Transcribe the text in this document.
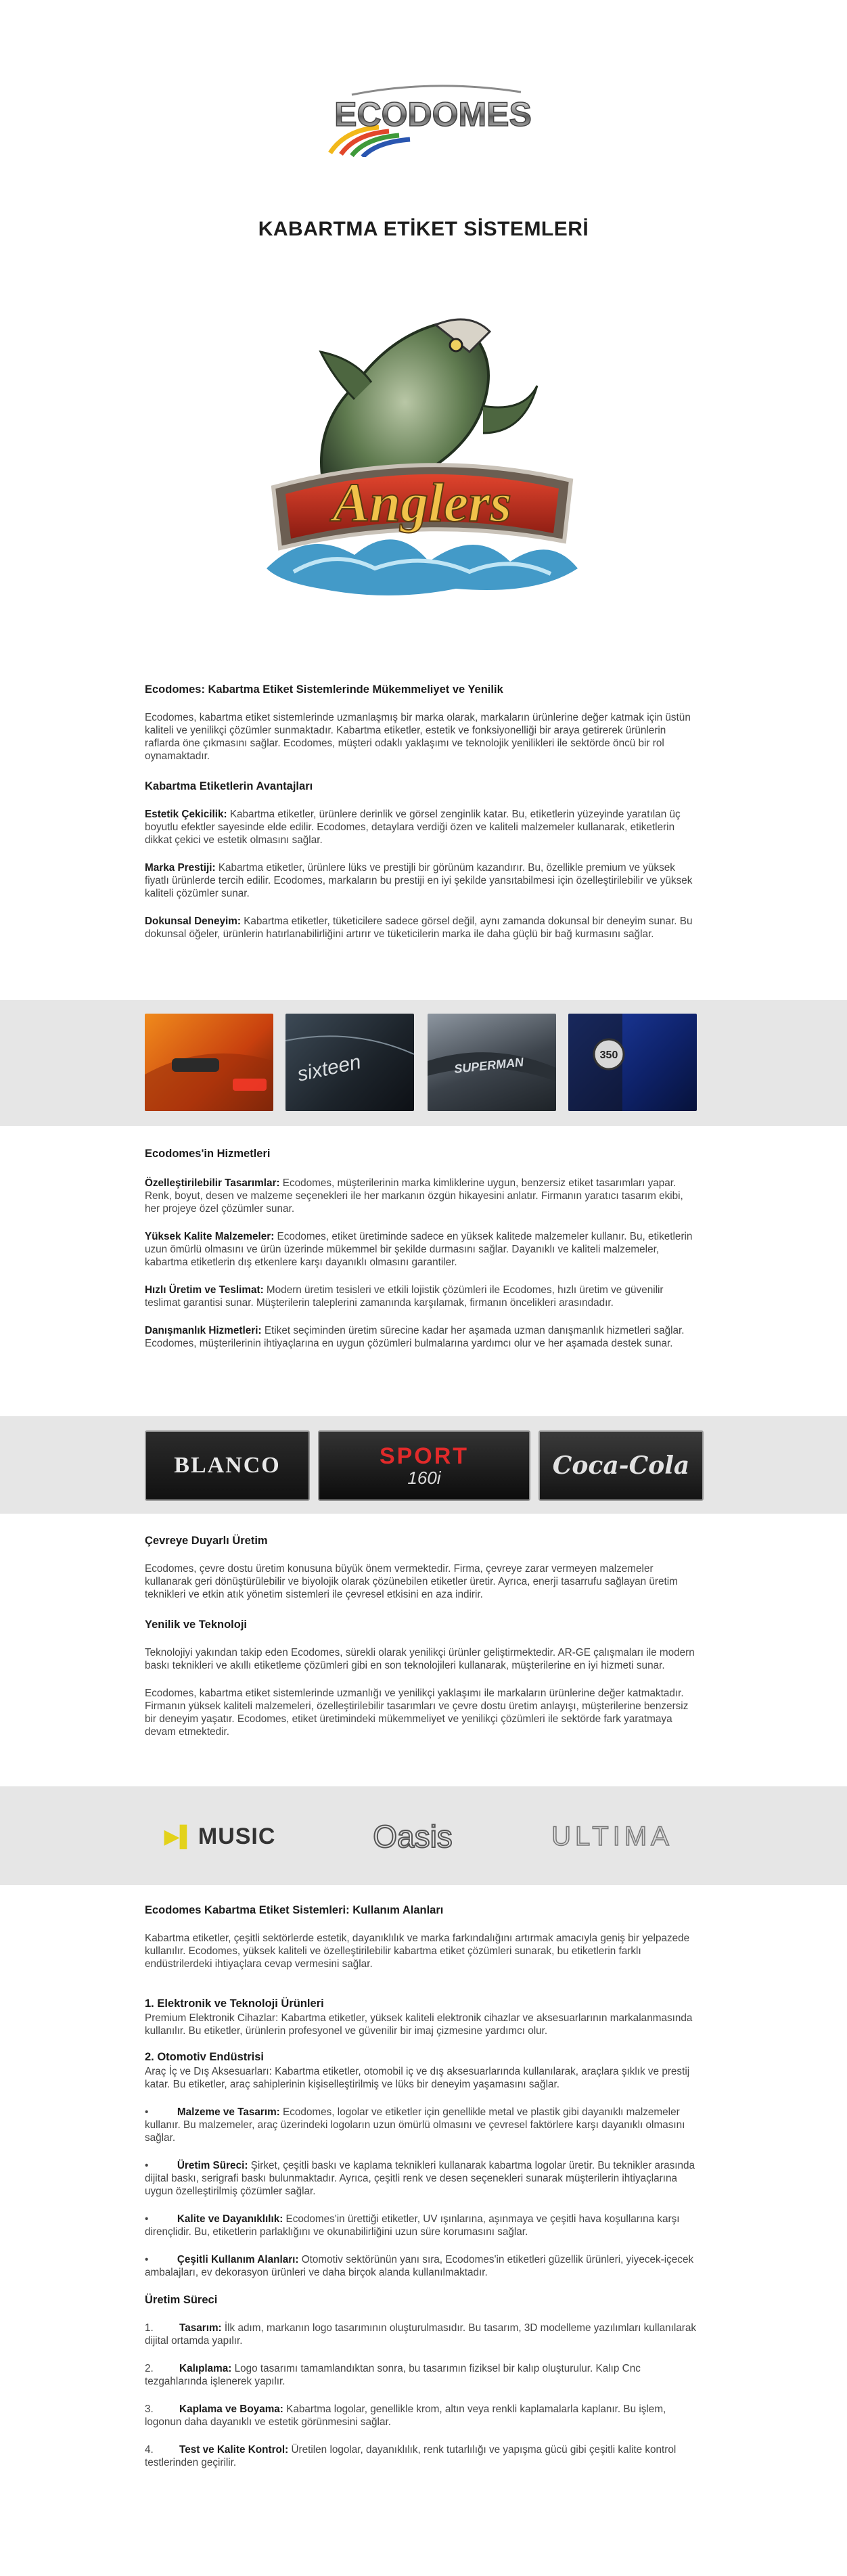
ECODOMES
KABARTMA ETİKET SİSTEMLERİ
Anglers

Ecodomes: Kabartma Etiket Sistemlerinde Mükemmeliyet ve Yenilik

Ecodomes, kabartma etiket sistemlerinde uzmanlaşmış bir marka olarak, markaların ürünlerine değer katmak için üstün kaliteli ve yenilikçi çözümler sunmaktadır. Kabartma etiketler, estetik ve fonksiyonelliği bir araya getirerek ürünlerin raflarda öne çıkmasını sağlar. Ecodomes, müşteri odaklı yaklaşımı ve teknolojik yenilikleri ile sektörde öncü bir rol oynamaktadır.

Kabartma Etiketlerin Avantajları

Estetik Çekicilik: Kabartma etiketler, ürünlere derinlik ve görsel zenginlik katar. Bu, etiketlerin yüzeyinde yaratılan üç boyutlu efektler sayesinde elde edilir. Ecodomes, detaylara verdiği özen ve kaliteli malzemeler kullanarak, etiketlerin dikkat çekici ve estetik olmasını sağlar.

Marka Prestiji: Kabartma etiketler, ürünlere lüks ve prestijli bir görünüm kazandırır. Bu, özellikle premium ve yüksek fiyatlı ürünlerde tercih edilir. Ecodomes, markaların bu prestiji en iyi şekilde yansıtabilmesi için özelleştirilebilir ve yüksek kaliteli çözümler sunar.

Dokunsal Deneyim: Kabartma etiketler, tüketicilere sadece görsel değil, aynı zamanda dokunsal bir deneyim sunar. Bu dokunsal öğeler, ürünlerin hatırlanabilirliğini artırır ve tüketicilerin marka ile daha güçlü bir bağ kurmasını sağlar.

sixteen	SUPERMAN	350

Ecodomes'in Hizmetleri

Özelleştirilebilir Tasarımlar: Ecodomes, müşterilerinin marka kimliklerine uygun, benzersiz etiket tasarımları yapar. Renk, boyut, desen ve malzeme seçenekleri ile her markanın özgün hikayesini anlatır. Firmanın yaratıcı tasarım ekibi, her projeye özel çözümler sunar.

Yüksek Kalite Malzemeler: Ecodomes, etiket üretiminde sadece en yüksek kalitede malzemeler kullanır. Bu, etiketlerin uzun ömürlü olmasını ve ürün üzerinde mükemmel bir şekilde durmasını sağlar. Dayanıklı ve kaliteli malzemeler, kabartma etiketlerin dış etkenlere karşı dayanıklı olmasını garantiler.

Hızlı Üretim ve Teslimat: Modern üretim tesisleri ve etkili lojistik çözümleri ile Ecodomes, hızlı üretim ve güvenilir teslimat garantisi sunar. Müşterilerin taleplerini zamanında karşılamak, firmanın öncelikleri arasındadır.

Danışmanlık Hizmetleri: Etiket seçiminden üretim sürecine kadar her aşamada uzman danışmanlık hizmetleri sağlar. Ecodomes, müşterilerinin ihtiyaçlarına en uygun çözümleri bulmalarına yardımcı olur ve her aşamada destek sunar.

BLANCO	SPORT
160i	Coca-Cola

Çevreye Duyarlı Üretim

Ecodomes, çevre dostu üretim konusuna büyük önem vermektedir. Firma, çevreye zarar vermeyen malzemeler kullanarak geri dönüştürülebilir ve biyolojik olarak çözünebilen etiketler üretir. Ayrıca, enerji tasarrufu sağlayan üretim teknikleri ve etkin atık yönetim sistemleri ile çevresel etkisini en aza indirir.

Yenilik ve Teknoloji

Teknolojiyi yakından takip eden Ecodomes, sürekli olarak yenilikçi ürünler geliştirmektedir. AR-GE çalışmaları ile modern baskı teknikleri ve akıllı etiketleme çözümleri gibi en son teknolojileri kullanarak, müşterilerine en iyi hizmeti sunar.

Ecodomes, kabartma etiket sistemlerinde uzmanlığı ve yenilikçi yaklaşımı ile markaların ürünlerine değer katmaktadır. Firmanın yüksek kaliteli malzemeleri, özelleştirilebilir tasarımları ve çevre dostu üretim anlayışı, müşterilerine benzersiz bir deneyim yaşatır. Ecodomes, etiket üretimindeki mükemmeliyet ve yenilikçi çözümleri ile sektörde fark yaratmaya devam etmektedir.

▶▌ MUSIC	Oasis	ULTIMA

Ecodomes Kabartma Etiket Sistemleri: Kullanım Alanları

Kabartma etiketler, çeşitli sektörlerde estetik, dayanıklılık ve marka farkındalığını artırmak amacıyla geniş bir yelpazede kullanılır. Ecodomes, yüksek kaliteli ve özelleştirilebilir kabartma etiket çözümleri sunarak, bu etiketlerin farklı endüstrilerdeki ihtiyaçlara cevap vermesini sağlar.

1. Elektronik ve Teknoloji Ürünleri

Premium Elektronik Cihazlar: Kabartma etiketler, yüksek kaliteli elektronik cihazlar ve aksesuarlarının markalanmasında kullanılır. Bu etiketler, ürünlerin profesyonel ve güvenilir bir imaj çizmesine yardımcı olur.

2. Otomotiv Endüstrisi

Araç İç ve Dış Aksesuarları: Kabartma etiketler, otomobil iç ve dış aksesuarlarında kullanılarak, araçlara şıklık ve prestij katar. Bu etiketler, araç sahiplerinin kişiselleştirilmiş ve lüks bir deneyim yaşamasını sağlar.

•          Malzeme ve Tasarım: Ecodomes, logolar ve etiketler için genellikle metal ve plastik gibi dayanıklı malzemeler kullanır. Bu malzemeler, araç üzerindeki logoların uzun ömürlü olmasını ve çevresel faktörlere karşı dayanıklı olmasını sağlar.

•          Üretim Süreci: Şirket, çeşitli baskı ve kaplama teknikleri kullanarak kabartma logolar üretir. Bu teknikler arasında dijital baskı, serigrafi baskı bulunmaktadır. Ayrıca, çeşitli renk ve desen seçenekleri sunarak müşterilerin ihtiyaçlarına uygun özelleştirilmiş çözümler sağlar.

•          Kalite ve Dayanıklılık: Ecodomes'in ürettiği etiketler, UV ışınlarına, aşınmaya ve çeşitli hava koşullarına karşı dirençlidir. Bu, etiketlerin parlaklığını ve okunabilirliğini uzun süre korumasını sağlar.

•          Çeşitli Kullanım Alanları: Otomotiv sektörünün yanı sıra, Ecodomes'in etiketleri güzellik ürünleri, yiyecek-içecek ambalajları, ev dekorasyon ürünleri ve daha birçok alanda kullanılmaktadır.

Üretim Süreci

1.	Tasarım: İlk adım, markanın logo tasarımının oluşturulmasıdır. Bu tasarım, 3D modelleme yazılımları kullanılarak dijital ortamda yapılır.

2.	Kalıplama: Logo tasarımı tamamlandıktan sonra, bu tasarımın fiziksel bir kalıp oluşturulur. Kalıp Cnc tezgahlarında işlenerek yapılır.

3.	Kaplama ve Boyama: Kabartma logolar, genellikle krom, altın veya renkli kaplamalarla kaplanır. Bu işlem, logonun daha dayanıklı ve estetik görünmesini sağlar.

4.	Test ve Kalite Kontrol: Üretilen logolar, dayanıklılık, renk tutarlılığı ve yapışma gücü gibi çeşitli kalite kontrol testlerinden geçirilir.
